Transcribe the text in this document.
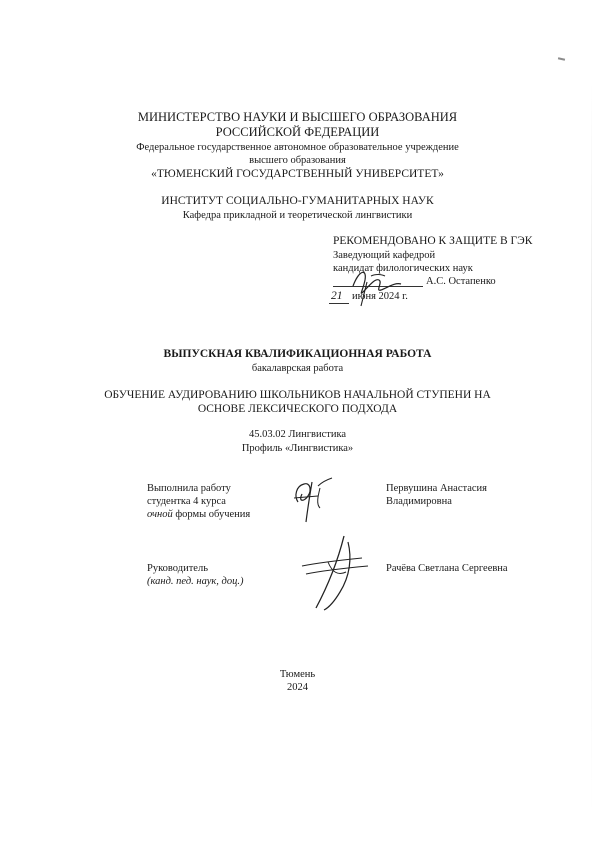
МИНИСТЕРСТВО НАУКИ И ВЫСШЕГО ОБРАЗОВАНИЯ
РОССИЙСКОЙ ФЕДЕРАЦИИ
Федеральное государственное автономное образовательное учреждение
высшего образования
«ТЮМЕНСКИЙ ГОСУДАРСТВЕННЫЙ УНИВЕРСИТЕТ»
ИНСТИТУТ СОЦИАЛЬНО-ГУМАНИТАРНЫХ НАУК
Кафедра прикладной и теоретической лингвистики
РЕКОМЕНДОВАНО К ЗАЩИТЕ В ГЭК
Заведующий кафедрой
кандидат филологических наук
А.С. Остапенко
21 июня 2024 г.
ВЫПУСКНАЯ КВАЛИФИКАЦИОННАЯ РАБОТА
бакалаврская работа
ОБУЧЕНИЕ АУДИРОВАНИЮ ШКОЛЬНИКОВ НАЧАЛЬНОЙ СТУПЕНИ НА
ОСНОВЕ ЛЕКСИЧЕСКОГО ПОДХОДА
45.03.02 Лингвистика
Профиль «Лингвистика»
Выполнила работу
студентка 4 курса
очной формы обучения
Первушина Анастасия
Владимировна
Руководитель
(канд. пед. наук, доц.)
Рачёва Светлана Сергеевна
Тюмень
2024
